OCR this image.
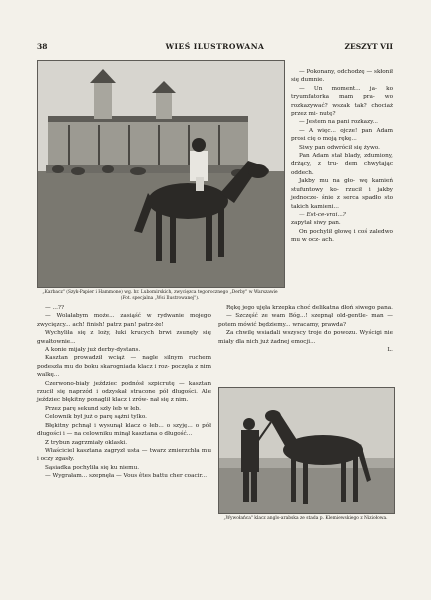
38	WIEŚ ILUSTROWANA	ZESZYT VII
„Karbacz" (Szyk-Papier i Hammone) wg. hr. Lubomirskich, zwycięzca tegorocznego „Derby" w Warszawie (Fot. specjalna „Wsi Ilustrowanej").

— Pokonany, odchodzę — skłonił się dumnie.

— Un moment... ja- ko tryumfatorka mam pra- wo rozkazywać? wszak tak? chociaż przez mi- nutę?

— Jestem na pani rozkazy...

— A więc... ojcze! pan Adam prosi cię o moją rękę...

Siwy pan odwrócił się żywo.

Pan Adam stał blady, zdumiony, drżący, z tru- dem chwytając oddech.

Jakby mu na gło- wę kamień stufuntowy ko- rzucił i jakby jednocze- śnie z serca spadło sto takich kamieni...

— Est-ce-vrai...?

zapytał siwy pan.

On pochylił głowę i coś zaledwo mu w ocz- ach.

— ...??

— Wolałabym może... zasiąść w rydwanie mojego zwycięzcy... ach! finish! patrz pan! patrz-że!

Wychyliła się z loży, łuki krucych brwi zsunęły się gwałtownie...

A konie mijały już derby-dystans.

Kasztan prowadził wciąż — nagle silnym ruchem podeszła mu do boku skarogniada klacz i roz- poczęła z nim walkę...

Czerwono-biały jeździec podnósł szpicrutę — kasztan rzucił się naprzód i odzyskał stracone pół długości. Ale jeździec błękitny ponaglił klacz i zrów- nał się z nim.

Przez parę sekund szły łeb w łeb.

Celownik był już o parę sążni tylko.

Błękitny pchnął i wysunął klacz o łeb... o szyję... o pół długości i — na celowniku minął kasztana o długość...

Z trybun zagrzmiały oklaski.

Właściciel kasztana zagryzł usta — twarz zmierzchła mu i oczy zgasły.

Sąsiadka pochyliła się ku niemu.

— Wygrałam... szepnęła — Vous êtes battu cher coacir...

Rękę jego ujęła krzepka choć delikatna dłoń siwego pana.

— Szczęść ze wam Bóg...! szepnął old-gentle- man — potem mówić będziemy... wracamy, prawda?

Za chwilę wsiadali wszyscy troje do powozu. Wyścigi nie miały dla nich już żadnej emocji...

L.

„Wywołańca" klacz anglo-arabska ze stada p. Klemiewskiego z Niziołowa.
